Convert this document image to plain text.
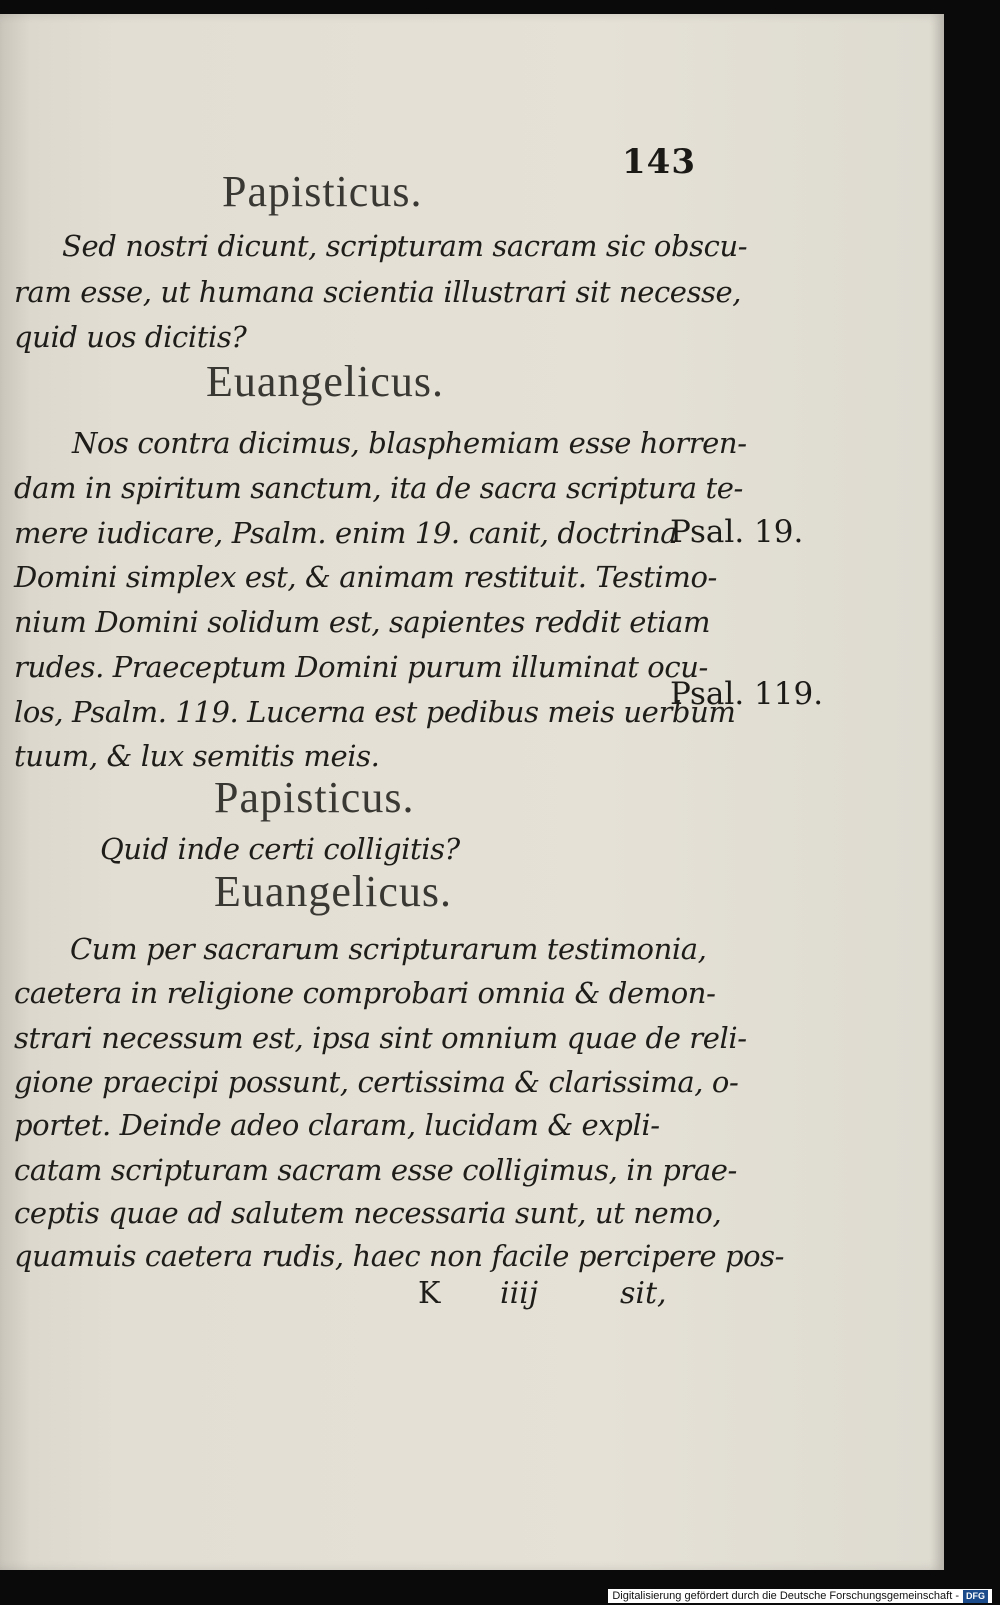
143
Papisticus.
Sed nostri dicunt, scripturam sacram sic obscu-
ram esse, ut humana scientia illustrari sit necesse,
quid uos dicitis?
Euangelicus.
Nos contra dicimus, blasphemiam esse horren-
dam in spiritum sanctum, ita de sacra scriptura te-
mere iudicare, Psalm. enim 19. canit, doctrina
Domini simplex est, & animam restituit. Testimo-
nium Domini solidum est, sapientes reddit etiam
rudes. Praeceptum Domini purum illuminat ocu-
los, Psalm. 119. Lucerna est pedibus meis uerbum
tuum, & lux semitis meis.
Psal. 19.
Psal. 119.
Papisticus.
Quid inde certi colligitis?
Euangelicus.
Cum per sacrarum scripturarum testimonia,
caetera in religione comprobari omnia & demon-
strari necessum est, ipsa sint omnium quae de reli-
gione praecipi possunt, certissima & clarissima, o-
portet. Deinde adeo claram, lucidam & expli-
catam scripturam sacram esse colligimus, in prae-
ceptis quae ad salutem necessaria sunt, ut nemo,
quamuis caetera rudis, haec non facile percipere pos-
K iiij	sit,
Digitalisierung gefördert durch die Deutsche Forschungsgemeinschaft - DFG
